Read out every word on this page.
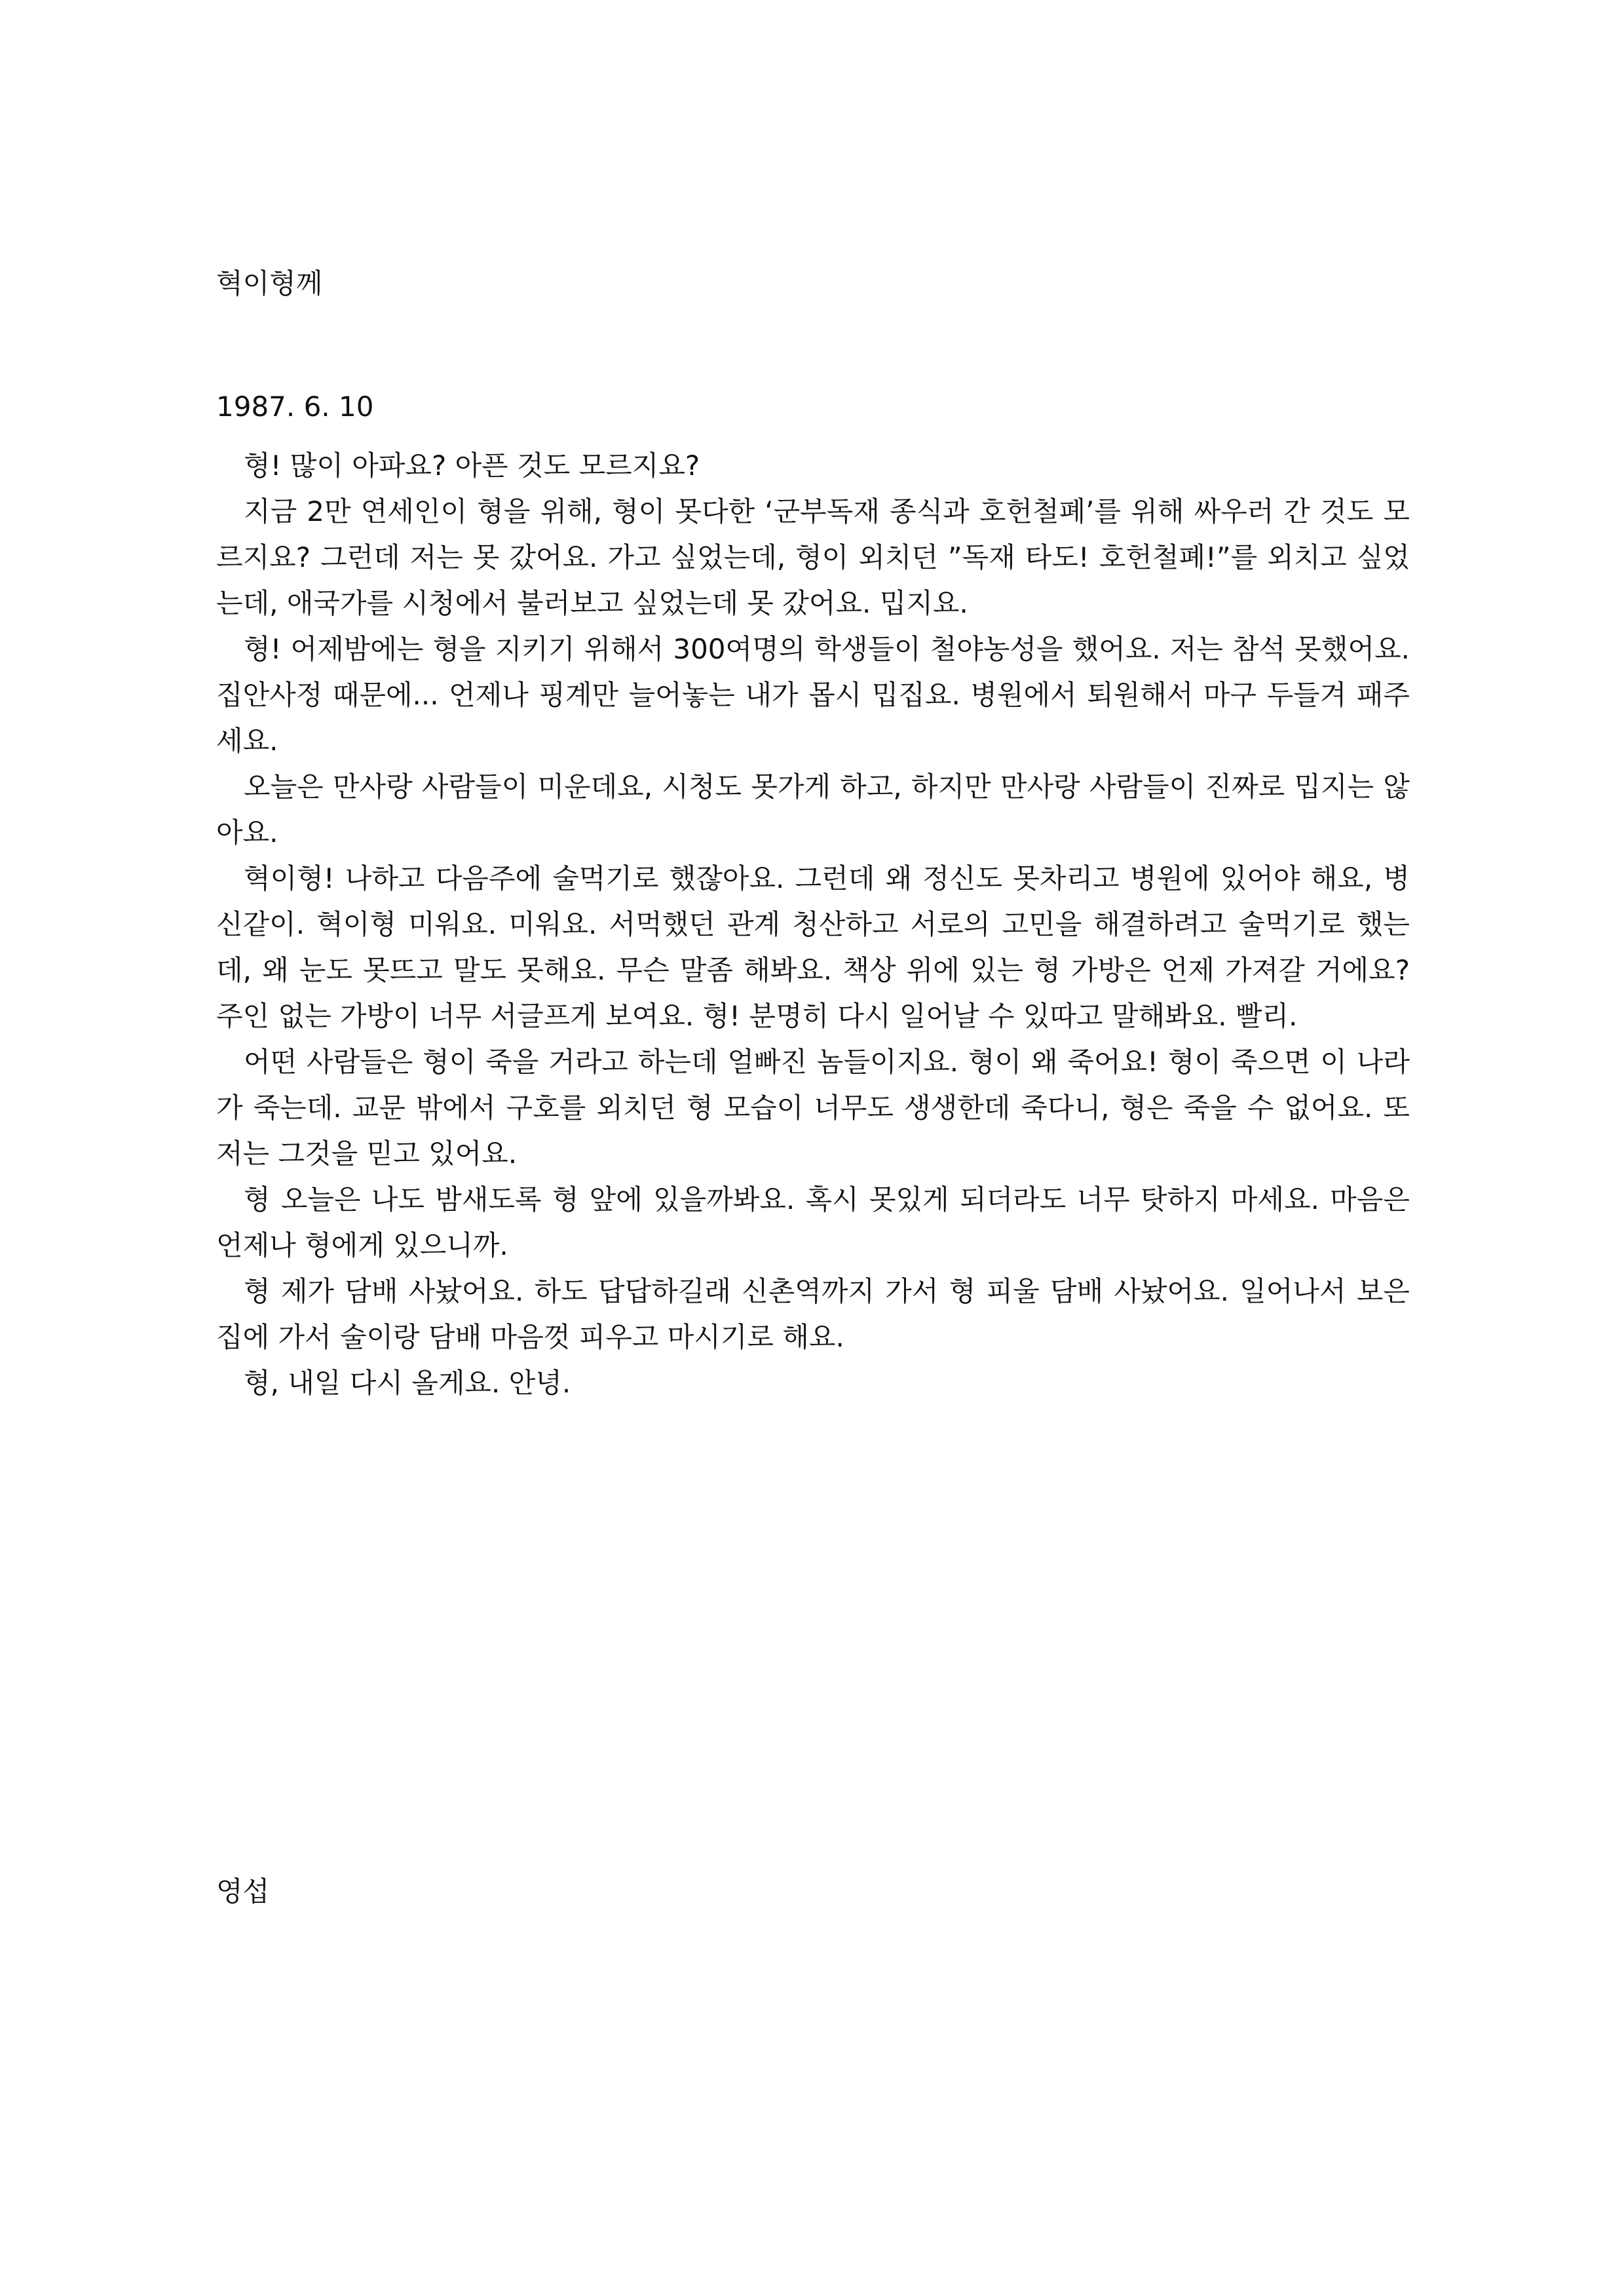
혁이형께
1987. 6. 10

형! 많이 아파요? 아픈 것도 모르지요?

지금 2만 연세인이 형을 위해, 형이 못다한 ‘군부독재 종식과 호헌철폐’를 위해 싸우러 간 것도 모르지요? 그런데 저는 못 갔어요. 가고 싶었는데, 형이 외치던 ”독재 타도! 호헌철폐!”를 외치고 싶었는데, 애국가를 시청에서 불러보고 싶었는데 못 갔어요. 밉지요.

형! 어제밤에는 형을 지키기 위해서 300여명의 학생들이 철야농성을 했어요. 저는 참석 못했어요. 집안사정 때문에... 언제나 핑계만 늘어놓는 내가 몹시 밉집요. 병원에서 퇴원해서 마구 두들겨 패주세요.

오늘은 만사랑 사람들이 미운데요, 시청도 못가게 하고, 하지만 만사랑 사람들이 진짜로 밉지는 않아요.

혁이형! 나하고 다음주에 술먹기로 했잖아요. 그런데 왜 정신도 못차리고 병원에 있어야 해요, 병신같이. 혁이형 미워요. 미워요. 서먹했던 관계 청산하고 서로의 고민을 해결하려고 술먹기로 했는데, 왜 눈도 못뜨고 말도 못해요. 무슨 말좀 해봐요. 책상 위에 있는 형 가방은 언제 가져갈 거에요? 주인 없는 가방이 너무 서글프게 보여요. 형! 분명히 다시 일어날 수 있따고 말해봐요. 빨리.

어떤 사람들은 형이 죽을 거라고 하는데 얼빠진 놈들이지요. 형이 왜 죽어요! 형이 죽으면 이 나라가 죽는데. 교문 밖에서 구호를 외치던 형 모습이 너무도 생생한데 죽다니, 형은 죽을 수 없어요. 또 저는 그것을 믿고 있어요.

형 오늘은 나도 밤새도록 형 앞에 있을까봐요. 혹시 못있게 되더라도 너무 탓하지 마세요. 마음은 언제나 형에게 있으니까.

형 제가 담배 사놨어요. 하도 답답하길래 신촌역까지 가서 형 피울 담배 사놨어요. 일어나서 보은집에 가서 술이랑 담배 마음껏 피우고 마시기로 해요.

형, 내일 다시 올게요. 안녕.

영섭
